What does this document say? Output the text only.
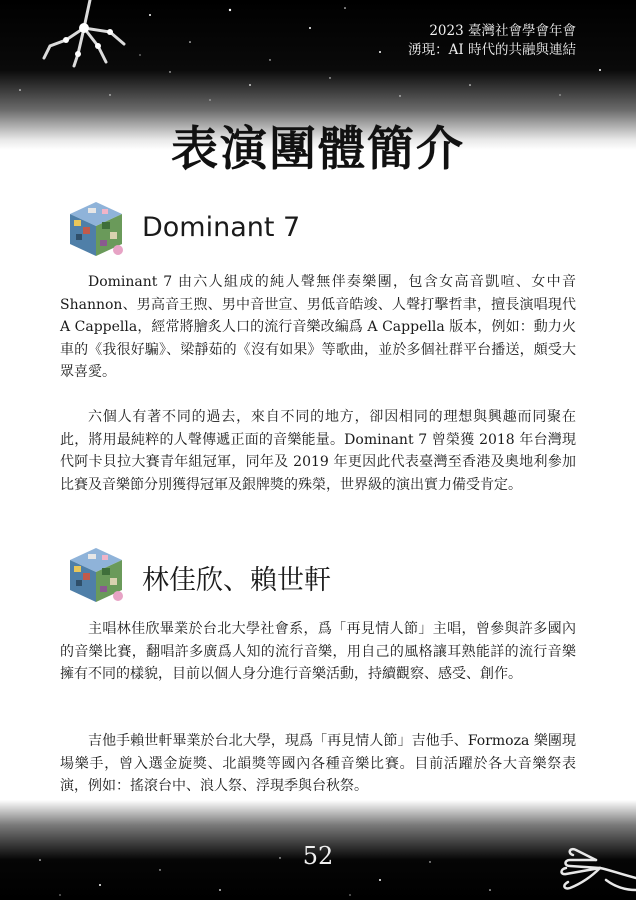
2023 臺灣社會學會年會
湧現：AI 時代的共融與連結
表演團體簡介
Dominant 7

Dominant 7 由六人組成的純人聲無伴奏樂團，包含女高音凱喧、女中音 Shannon、男高音王煦、男中音世宣、男低音皓竣、人聲打擊哲聿，擅長演唱現代 A Cappella，經常將膾炙人口的流行音樂改編爲 A Cappella 版本，例如：動力火車的《我很好騙》、梁靜茹的《沒有如果》等歌曲，並於多個社群平台播送，頗受大眾喜愛。

六個人有著不同的過去，來自不同的地方，卻因相同的理想與興趣而同聚在此，將用最純粹的人聲傳遞正面的音樂能量。Dominant 7 曾榮獲 2018 年台灣現代阿卡貝拉大賽青年組冠軍，同年及 2019 年更因此代表臺灣至香港及奧地利參加比賽及音樂節分別獲得冠軍及銀牌獎的殊榮，世界級的演出實力備受肯定。

林佳欣、賴世軒

主唱林佳欣畢業於台北大學社會系，爲「再見情人節」主唱，曾參與許多國內的音樂比賽，翻唱許多廣爲人知的流行音樂，用自己的風格讓耳熟能詳的流行音樂擁有不同的樣貌，目前以個人身分進行音樂活動，持續觀察、感受、創作。

吉他手賴世軒畢業於台北大學，現爲「再見情人節」吉他手、Formoza 樂團現場樂手，曾入選金旋獎、北韻獎等國內各種音樂比賽。目前活躍於各大音樂祭表演，例如：搖滾台中、浪人祭、浮現季與台秋祭。

52
